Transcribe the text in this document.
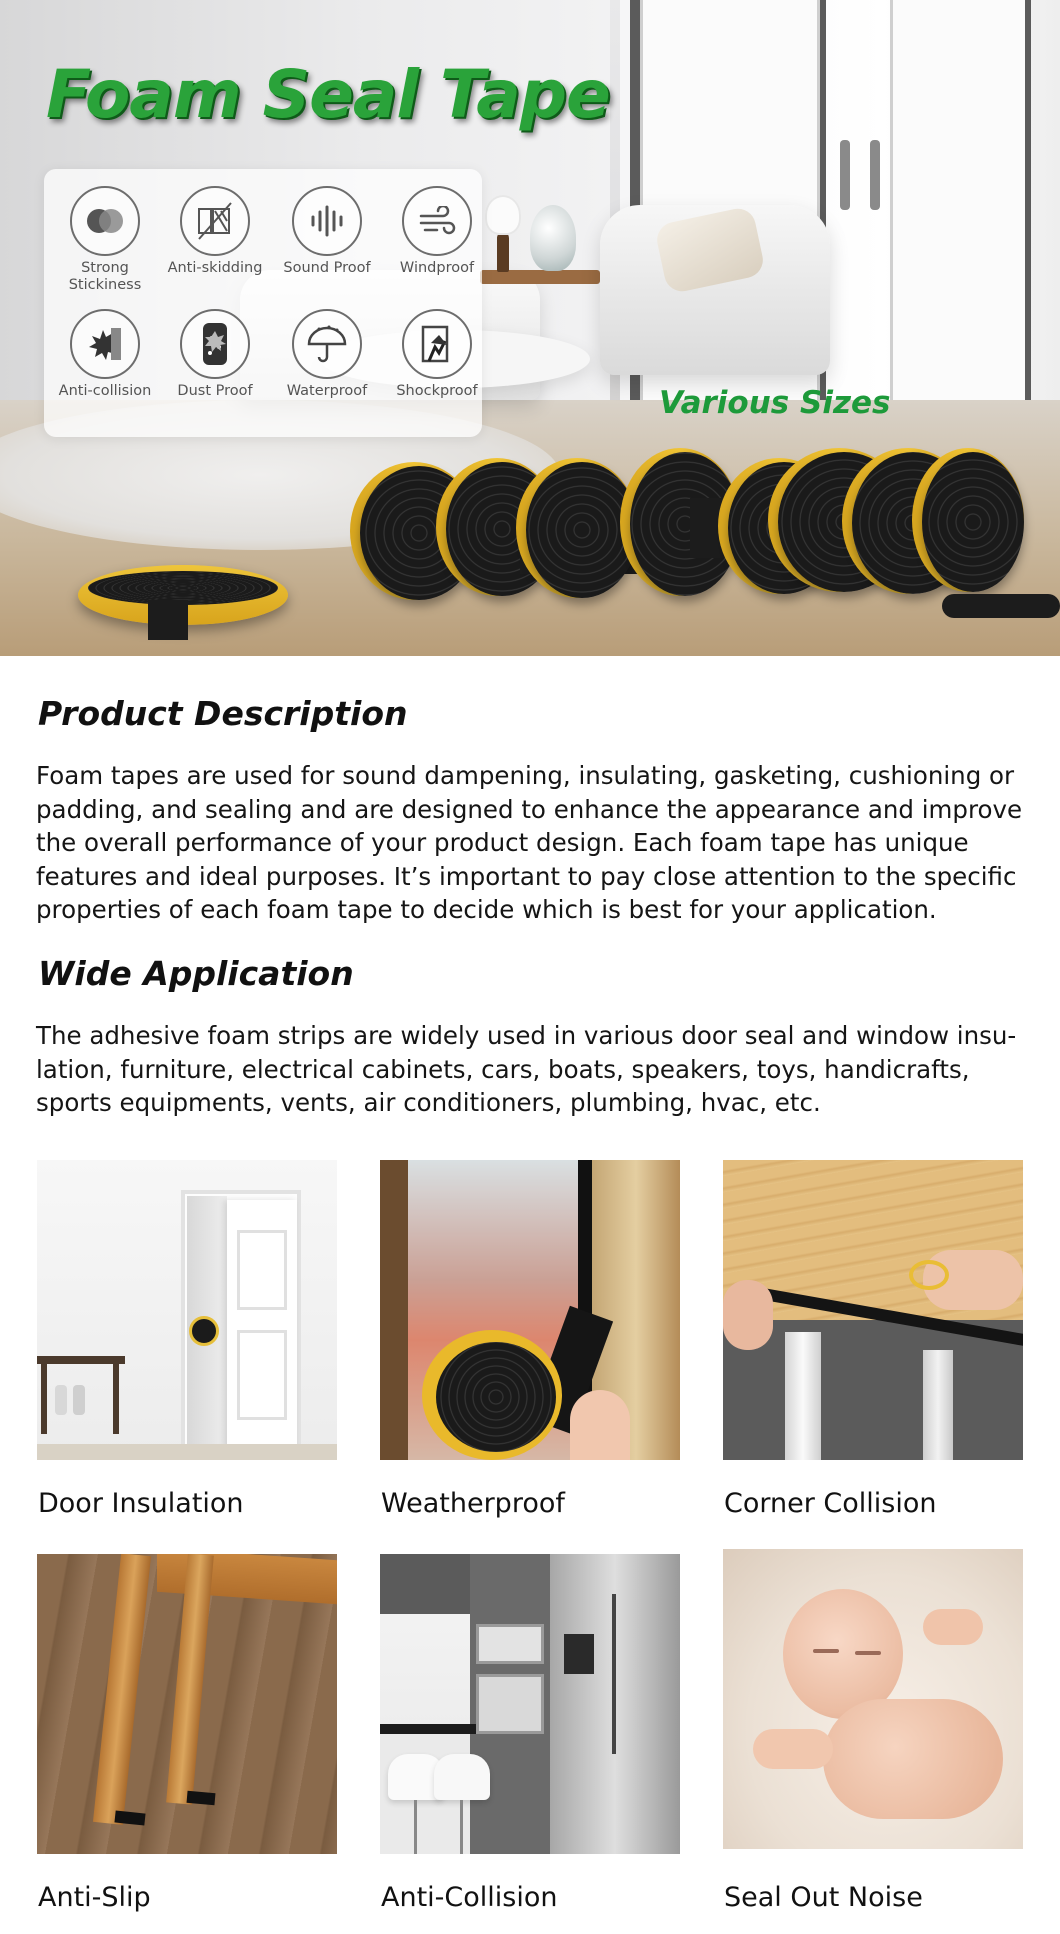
Foam Seal Tape
Strong
Stickiness
Anti-skidding	Sound Proof	Windproof
Anti-collision	Dust Proof	Waterproof	Shockproof	Various Sizes
Product Description
Foam tapes are used for sound dampening, insulating, gasketing, cushioning or padding, and sealing and are designed to enhance the appearance and improve the overall performance of your product design. Each foam tape has unique features and ideal purposes. It’s important to pay close attention to the specific properties of each foam tape to decide which is best for your application.
Wide Application
The adhesive foam strips are widely used in various door seal and window insu-lation, furniture, electrical cabinets, cars, boats, speakers, toys, handicrafts, sports equipments, vents, air conditioners, plumbing, hvac, etc.
Door Insulation	Weatherproof	Corner Collision
Anti-Slip	Anti-Collision	Seal Out Noise
